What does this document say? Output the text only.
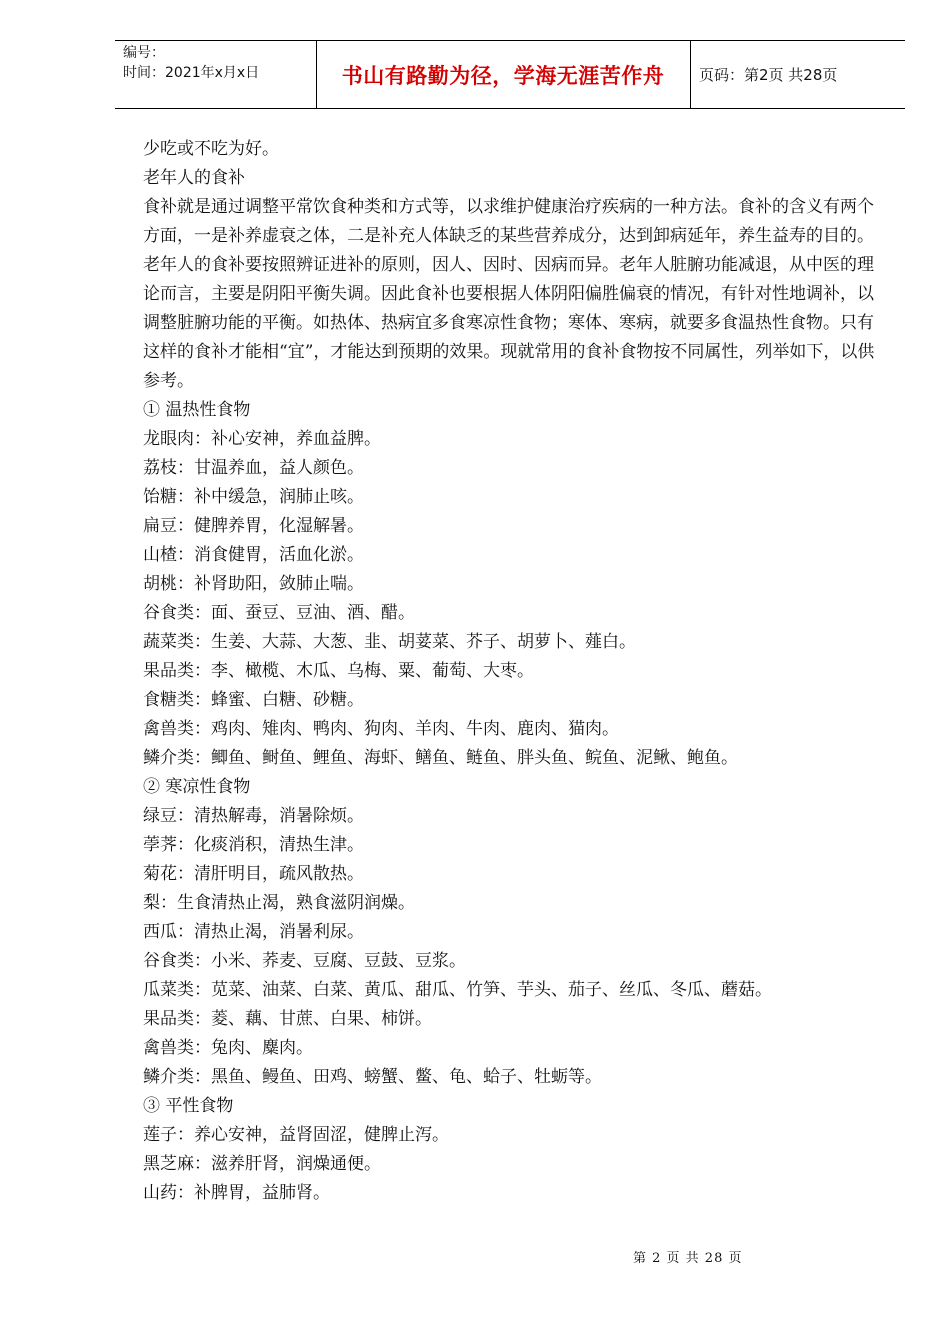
编号：
时间：2021年x月x日	书山有路勤为径，学海无涯苦作舟	页码：第2页 共28页

少吃或不吃为好。

老年人的食补

食补就是通过调整平常饮食种类和方式等，以求维护健康治疗疾病的一种方法。食补的含义有两个方面，一是补养虚衰之体，二是补充人体缺乏的某些营养成分，达到卸病延年，养生益寿的目的。

老年人的食补要按照辨证进补的原则，因人、因时、因病而异。老年人脏腑功能减退，从中医的理论而言，主要是阴阳平衡失调。因此食补也要根据人体阴阳偏胜偏衰的情况，有针对性地调补，以调整脏腑功能的平衡。如热体、热病宜多食寒凉性食物；寒体、寒病，就要多食温热性食物。只有这样的食补才能相“宜”，才能达到预期的效果。现就常用的食补食物按不同属性，列举如下，以供参考。

① 温热性食物

龙眼肉：补心安神，养血益脾。

荔枝：甘温养血，益人颜色。

饴糖：补中缓急，润肺止咳。

扁豆：健脾养胃，化湿解暑。

山楂：消食健胃，活血化淤。

胡桃：补肾助阳，敛肺止喘。

谷食类：面、蚕豆、豆油、酒、醋。

蔬菜类：生姜、大蒜、大葱、韭、胡荽菜、芥子、胡萝卜、薤白。

果品类：李、橄榄、木瓜、乌梅、粟、葡萄、大枣。

食糖类：蜂蜜、白糖、砂糖。

禽兽类：鸡肉、雉肉、鸭肉、狗肉、羊肉、牛肉、鹿肉、猫肉。

鳞介类：鲫鱼、鲥鱼、鲤鱼、海虾、鳝鱼、鲢鱼、胖头鱼、鲩鱼、泥鳅、鲍鱼。

② 寒凉性食物

绿豆：清热解毒，消暑除烦。

荸荠：化痰消积，清热生津。

菊花：清肝明目，疏风散热。

梨：生食清热止渴，熟食滋阴润燥。

西瓜：清热止渴，消暑利尿。

谷食类：小米、荞麦、豆腐、豆鼓、豆浆。

瓜菜类：苋菜、油菜、白菜、黄瓜、甜瓜、竹笋、芋头、茄子、丝瓜、冬瓜、蘑菇。

果品类：菱、藕、甘蔗、白果、柿饼。

禽兽类：兔肉、麋肉。

鳞介类：黑鱼、鳗鱼、田鸡、螃蟹、鳖、龟、蛤子、牡蛎等。

③ 平性食物

莲子：养心安神，益肾固涩，健脾止泻。

黑芝麻：滋养肝肾，润燥通便。

山药：补脾胃，益肺肾。

第 2 页 共 28 页
